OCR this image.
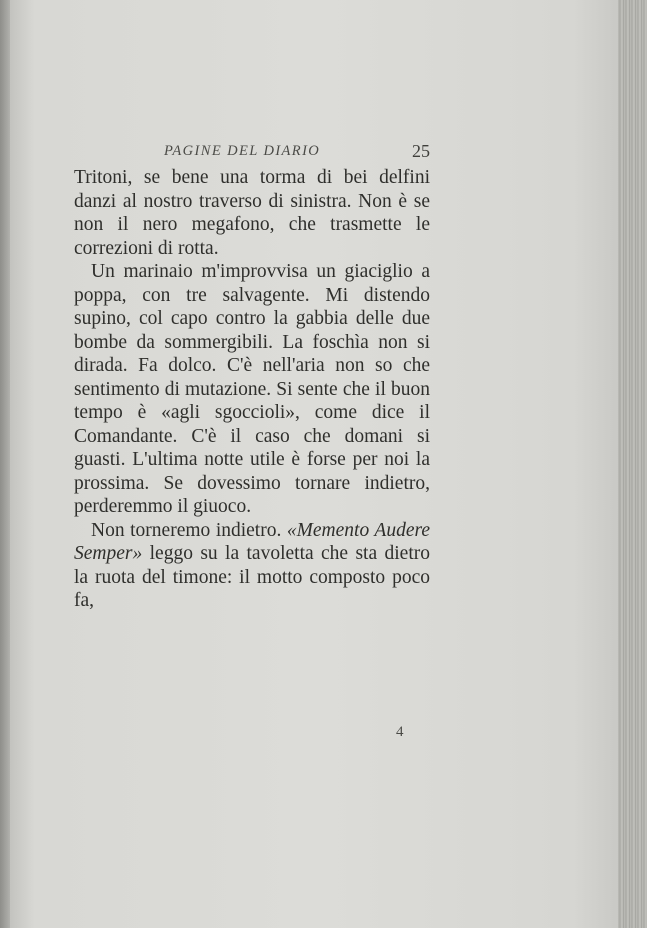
PAGINE DEL DIARIO	25

Tritoni, se bene una torma di bei delfini danzi al nostro traverso di sinistra. Non è se non il nero megafono, che trasmette le correzioni di rotta.

Un marinaio m'improvvisa un giaciglio a poppa, con tre salvagente. Mi distendo supino, col capo contro la gabbia delle due bombe da sommergibili. La foschìa non si dirada. Fa dolco. C'è nell'aria non so che sentimento di mutazione. Si sente che il buon tempo è «agli sgoccioli», come dice il Comandante. C'è il caso che domani si guasti. L'ultima notte utile è forse per noi la prossima. Se dovessimo tornare indietro, perderemmo il giuoco.

Non torneremo indietro. «Memento Audere Semper» leggo su la tavoletta che sta dietro la ruota del timone: il motto composto poco fa,

4
